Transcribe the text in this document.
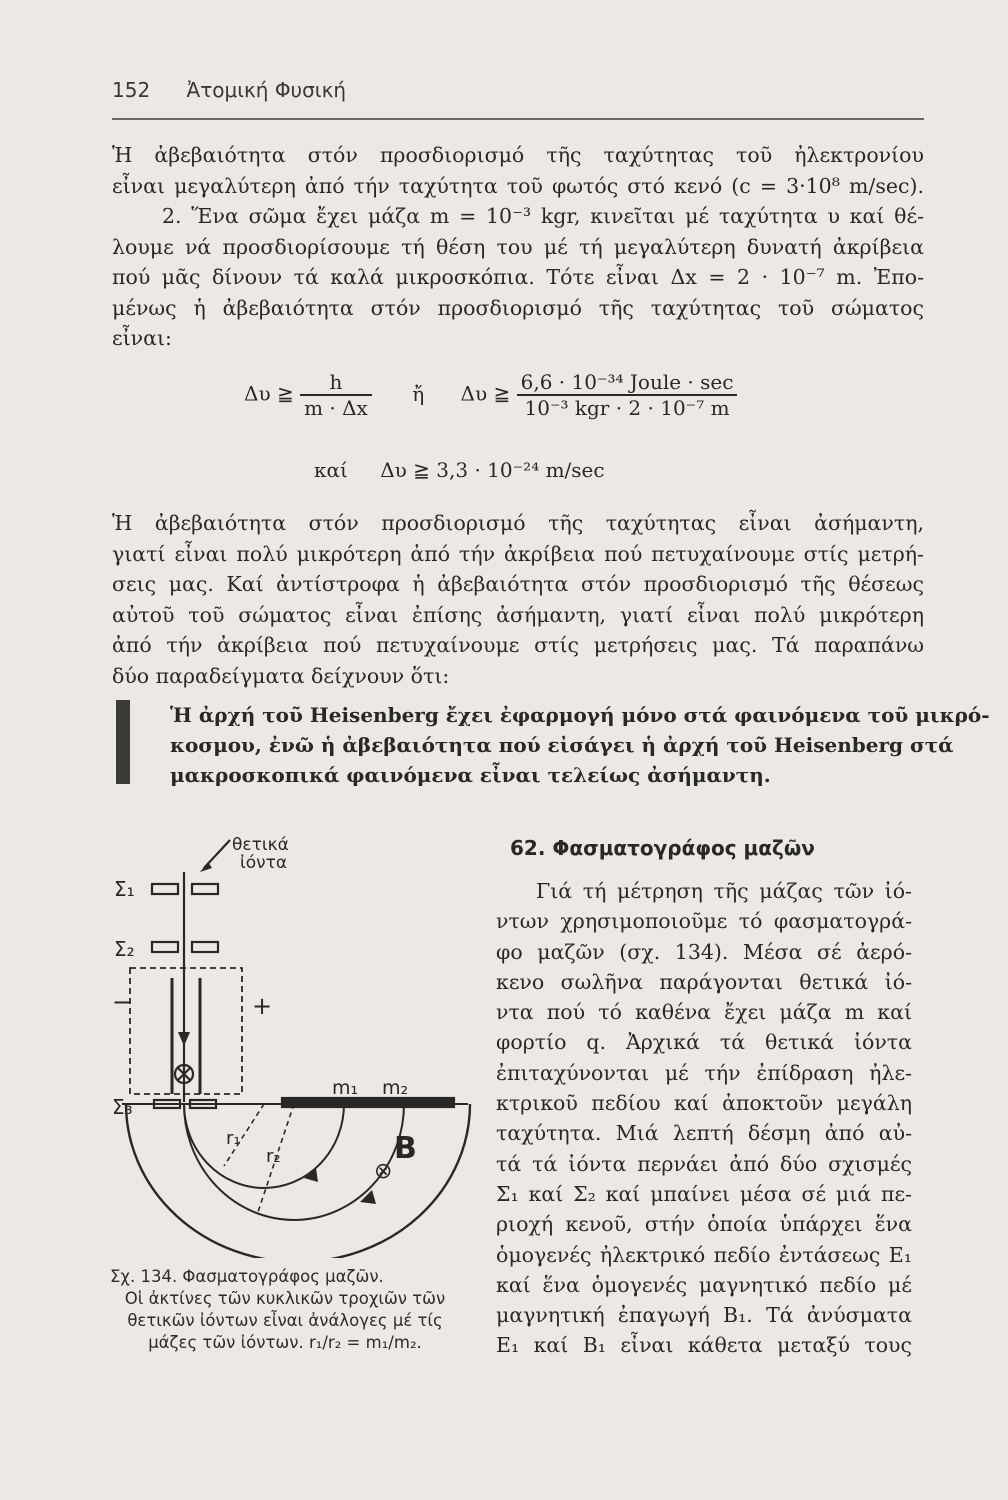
152 Ἀτομική Φυσική
Ἡ ἀβεβαιότητα στόν προσδιορισμό τῆς ταχύτητας τοῦ ἠλεκτρονίου
εἶναι μεγαλύτερη ἀπό τήν ταχύτητα τοῦ φωτός στό κενό (c = 3·10⁸ m/sec).
2. Ἕνα σῶμα ἔχει μάζα m = 10⁻³ kgr, κινεῖται μέ ταχύτητα υ καί θέ-
λουμε νά προσδιορίσουμε τή θέση του μέ τή μεγαλύτερη δυνατή ἀκρίβεια
πού μᾶς δίνουν τά καλά μικροσκόπια. Τότε εἶναι Δx = 2 · 10⁻⁷ m. Ἐπο-
μένως ἡ ἀβεβαιότητα στόν προσδιορισμό τῆς ταχύτητας τοῦ σώματος
εἶναι:
Δυ ≧ $\frac{h}{m \cdot \Delta x}$ ἤ Δυ ≧ $\frac{\text{6,6 · 10⁻³⁴ Joule · sec}}{\text{10⁻³ kgr · 2 · 10⁻⁷ m}}$
καί Δυ ≧ 3,3 · 10⁻²⁴ m/sec
Ἡ ἀβεβαιότητα στόν προσδιορισμό τῆς ταχύτητας εἶναι ἀσήμαντη,
γιατί εἶναι πολύ μικρότερη ἀπό τήν ἀκρίβεια πού πετυχαίνουμε στίς μετρή-
σεις μας. Καί ἀντίστροφα ἡ ἀβεβαιότητα στόν προσδιορισμό τῆς θέσεως
αὐτοῦ τοῦ σώματος εἶναι ἐπίσης ἀσήμαντη, γιατί εἶναι πολύ μικρότερη
ἀπό τήν ἀκρίβεια πού πετυχαίνουμε στίς μετρήσεις μας. Τά παραπάνω
δύο παραδείγματα δείχνουν ὅτι:
Ἡ ἀρχή τοῦ Heisenberg ἔχει ἐφαρμογή μόνο στά φαινόμενα τοῦ μικρό-
κοσμου, ἐνῶ ἡ ἀβεβαιότητα πού εἰσάγει ἡ ἀρχή τοῦ Heisenberg στά
μακροσκοπικά φαινόμενα εἶναι τελείως ἀσήμαντη.
θετικά
ἰόντα
Σ₁
Σ₂
Σ₃
−	+
m₁ m₂
r₁
r₂	B
⊗
Σχ. 134. Φασματογράφος μαζῶν.
Οἱ ἀκτίνες τῶν κυκλικῶν τροχιῶν τῶν
θετικῶν ἰόντων εἶναι ἀνάλογες μέ τίς
μάζες τῶν ἰόντων. r₁/r₂ = m₁/m₂.
62. Φασματογράφος μαζῶν
Γιά τή μέτρηση τῆς μάζας τῶν ἰό-
ντων χρησιμοποιοῦμε τό φασματογρά-
φο μαζῶν (σχ. 134). Μέσα σέ ἀερό-
κενο σωλῆνα παράγονται θετικά ἰό-
ντα πού τό καθένα ἔχει μάζα m καί
φορτίο q. Ἀρχικά τά θετικά ἰόντα
ἐπιταχύνονται μέ τήν ἐπίδραση ἠλε-
κτρικοῦ πεδίου καί ἀποκτοῦν μεγάλη
ταχύτητα. Μιά λεπτή δέσμη ἀπό αὐ-
τά τά ἰόντα περνάει ἀπό δύο σχισμές
Σ₁ καί Σ₂ καί μπαίνει μέσα σέ μιά πε-
ριοχή κενοῦ, στήν ὁποία ὑπάρχει ἕνα
ὁμογενές ἠλεκτρικό πεδίο ἐντάσεως E₁
καί ἕνα ὁμογενές μαγνητικό πεδίο μέ
μαγνητική ἐπαγωγή B₁. Τά ἀνύσματα
E₁ καί B₁ εἶναι κάθετα μεταξύ τους
